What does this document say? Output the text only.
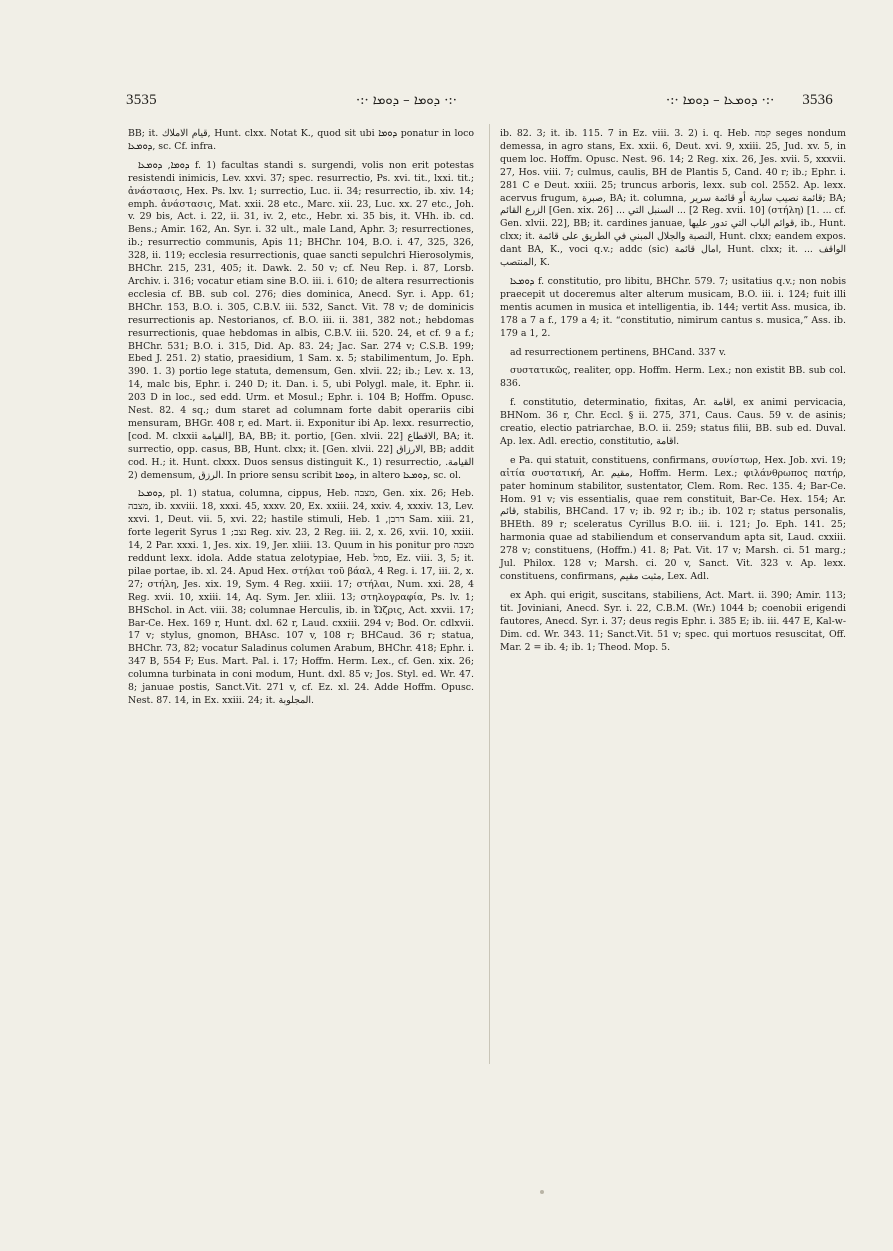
3535	·:· ܕܘܡܐ – ܕܘܡܐ ·:·	·:· ܕܘܡܥܐ – ܕܘܡܐ ·:· 3536

BB; it. قيام الاملاك, Hunt. clxx. Notat K., quod sit ubi ܕܘܡܐ ponatur in loco ܕܘܡܥܐ, sc. Cf. infra.

ܕܘܡܐ, ܕܘܡܥܐ f. 1) facultas standi s. surgendi, volis non erit potestas resistendi inimicis, Lev. xxvi. 37; spec. resurrectio, Ps. xvi. tit., lxxi. tit.; ἀνάστασις, Hex. Ps. lxv. 1; surrectio, Luc. ii. 34; resurrectio, ib. xiv. 14; emph. ἀνάστασις, Mat. xxii. 28 etc., Marc. xii. 23, Luc. xx. 27 etc., Joh. v. 29 bis, Act. i. 22, ii. 31, iv. 2, etc., Hebr. xi. 35 bis, it. VHh. ib. cd. Bens.; Amir. 162, An. Syr. i. 32 ult., male Land, Aphr. 3; resurrectiones, ib.; resurrectio communis, Apis 11; BHChr. 104, B.O. i. 47, 325, 326, 328, ii. 119; ecclesia resurrectionis, quae sancti sepulchri Hierosolymis, BHChr. 215, 231, 405; it. Dawk. 2. 50 v; cf. Neu Rep. i. 87, Lorsb. Archiv. i. 316; vocatur etiam sine B.O. iii. i. 610; de altera resurrectionis ecclesia cf. BB. sub col. 276; dies dominica, Anecd. Syr. i. App. 61; BHChr. 153, B.O. i. 305, C.B.V. iii. 532, Sanct. Vit. 78 v; de dominicis resurrectionis ap. Nestorianos, cf. B.O. iii. ii. 381, 382 not.; hebdomas resurrectionis, quae hebdomas in albis, C.B.V. iii. 520. 24, et cf. 9 a f.; BHChr. 531; B.O. i. 315, Did. Ap. 83. 24; Jac. Sar. 274 v; C.S.B. 199; Ebed J. 251. 2) statio, praesidium, 1 Sam. x. 5; stabilimentum, Jo. Eph. 390. 1. 3) portio lege statuta, demensum, Gen. xlvii. 22; ib.; Lev. x. 13, 14, malc bis, Ephr. i. 240 D; it. Dan. i. 5, ubi Polygl. male, it. Ephr. ii. 203 D in loc., sed edd. Urm. et Mosul.; Ephr. i. 104 B; Hoffm. Opusc. Nest. 82. 4 sq.; dum staret ad columnam forte dabit operariis cibi mensuram, BHGr. 408 r, ed. Mart. ii. Exponitur ibi Ap. lexx. resurrectio, [cod. M. clxxii القيامة], BA, BB; it. portio, [Gen. xlvii. 22] الاقطاع, BA; it. surrectio, opp. casus, BB, Hunt. clxx; it. [Gen. xlvii. 22] الارزاق, BB; addit cod. H.; it. Hunt. clxxx. Duos sensus distinguit K., 1) resurrectio, القيامة. 2) demensum, الرزق. In priore sensu scribit ܕܘܡܐ, in altero ܕܘܡܥܐ, sc. ol.

ܕܘܡܥܐ, pl. 1) statua, columna, cippus, Heb. מצבה, Gen. xix. 26; Heb. מצבה, ib. xxviii. 18, xxxi. 45, xxxv. 20, Ex. xxiii. 24, xxiv. 4, xxxiv. 13, Lev. xxvi. 1, Deut. vii. 5, xvi. 22; hastile stimuli, Heb. דרבן, 1 Sam. xiii. 21, forte legerit Syrus נצב; 1 Reg. xiv. 23, 2 Reg. iii. 2, x. 26, xvii. 10, xxiii. 14, 2 Par. xxxi. 1, Jes. xix. 19, Jer. xliii. 13. Quum in his ponitur pro מצבה reddunt lexx. idola. Adde statua zelotypiae, Heb. סמל, Ez. viii. 3, 5; it. pilae portae, ib. xl. 24. Apud Hex. στήλαι τοῦ βάαλ, 4 Reg. i. 17, iii. 2, x. 27; στήλη, Jes. xix. 19, Sym. 4 Reg. xxiii. 17; στήλαι, Num. xxi. 28, 4 Reg. xvii. 10, xxiii. 14, Aq. Sym. Jer. xliii. 13; στηλογραφία, Ps. lv. 1; BHSchol. in Act. viii. 38; columnae Herculis, ib. in Ὤζρις, Act. xxvii. 17; Bar-Ce. Hex. 169 r, Hunt. dxl. 62 r, Laud. cxxiii. 294 v; Bod. Or. cdlxvii. 17 v; stylus, gnomon, BHAsc. 107 v, 108 r; BHCaud. 36 r; statua, BHChr. 73, 82; vocatur Saladinus columen Arabum, BHChr. 418; Ephr. i. 347 B, 554 F; Eus. Mart. Pal. i. 17; Hoffm. Herm. Lex., cf. Gen. xix. 26; columna turbinata in coni modum, Hunt. dxl. 85 v; Jos. Styl. ed. Wr. 47. 8; januae postis, Sanct.Vit. 271 v, cf. Ez. xl. 24. Adde Hoffm. Opusc. Nest. 87. 14, in Ex. xxiii. 24; it. المجلوبة.

ib. 82. 3; it. ib. 115. 7 in Ez. viii. 3. 2) i. q. Heb. קמה seges nondum demessa, in agro stans, Ex. xxii. 6, Deut. xvi. 9, xxiii. 25, Jud. xv. 5, in quem loc. Hoffm. Opusc. Nest. 96. 14; 2 Reg. xix. 26, Jes. xvii. 5, xxxvii. 27, Hos. viii. 7; culmus, caulis, BH de Plantis 5, Cand. 40 r; ib.; Ephr. i. 281 C e Deut. xxiii. 25; truncus arboris, lexx. sub col. 2552. Ap. lexx. acervus frugum, صبرة, BA; it. columna, قائمة نصيب سارية أو قائمة سرير; BA; الزرع القائم [Gen. xix. 26] ... السنبل التي ... [2 Reg. xvii. 10] (στήλη) [1. ... cf. Gen. xlvii. 22], BB; it. cardines januae, قوائم الباب التي تدور عليها, ib., Hunt. clxx; it. النصبة والجلال المبني في الطريق على قائمة, Hunt. clxx; eandem expos. dant BA, K., voci q.v.; addc (sic) امال قائمة, Hunt. clxx; it. ... الواقف المنتصب, K.

ܕܘܡܥܐ f. constitutio, pro libitu, BHChr. 579. 7; usitatius q.v.; non nobis praecepit ut doceremus alter alterum musicam, B.O. iii. i. 124; fuit illi mentis acumen in musica et intelligentia, ib. 144; vertit Ass. musica, ib. 178 a 7 a f., 179 a 4; it. “constitutio, nimirum cantus s. musica,” Ass. ib. 179 a 1, 2.

ad resurrectionem pertinens, BHCand. 337 v.

συστατικῶς, realiter, opp. Hoffm. Herm. Lex.; non existit BB. sub col. 836.

f. constitutio, determinatio, fixitas, Ar. اقامة, ex animi pervicacia, BHNom. 36 r, Chr. Eccl. § ii. 275, 371, Caus. Caus. 59 v. de asinis; creatio, electio patriarchae, B.O. ii. 259; status filii, BB. sub ed. Duval. Ap. lex. Adl. erectio, constitutio, اقامة.

e Pa. qui statuit, constituens, confirmans, συνίστωρ, Hex. Job. xvi. 19; αἰτία συστατική, Ar. مقيم, Hoffm. Herm. Lex.; φιλάνθρωπος πατήρ, pater hominum stabilitor, sustentator, Clem. Rom. Rec. 135. 4; Bar-Ce. Hom. 91 v; vis essentialis, quae rem constituit, Bar-Ce. Hex. 154; Ar. قائم, stabilis, BHCand. 17 v; ib. 92 r; ib.; ib. 102 r; status personalis, BHEth. 89 r; sceleratus Cyrillus B.O. iii. i. 121; Jo. Eph. 141. 25; harmonia quae ad stabiliendum et conservandum apta sit, Laud. cxxiii. 278 v; constituens, (Hoffm.) 41. 8; Pat. Vit. 17 v; Marsh. ci. 51 marg.; Jul. Philox. 128 v; Marsh. ci. 20 v, Sanct. Vit. 323 v. Ap. lexx. constituens, confirmans, مثبت مقيم, Lex. Adl.

ex Aph. qui erigit, suscitans, stabiliens, Act. Mart. ii. 390; Amir. 113; tit. Joviniani, Anecd. Syr. i. 22, C.B.M. (Wr.) 1044 b; coenobii erigendi fautores, Anecd. Syr. i. 37; deus regis Ephr. i. 385 E; ib. iii. 447 E, Kal-w-Dim. cd. Wr. 343. 11; Sanct.Vit. 51 v; spec. qui mortuos resuscitat, Off. Mar. 2 = ib. 4; ib. 1; Theod. Mop. 5.
